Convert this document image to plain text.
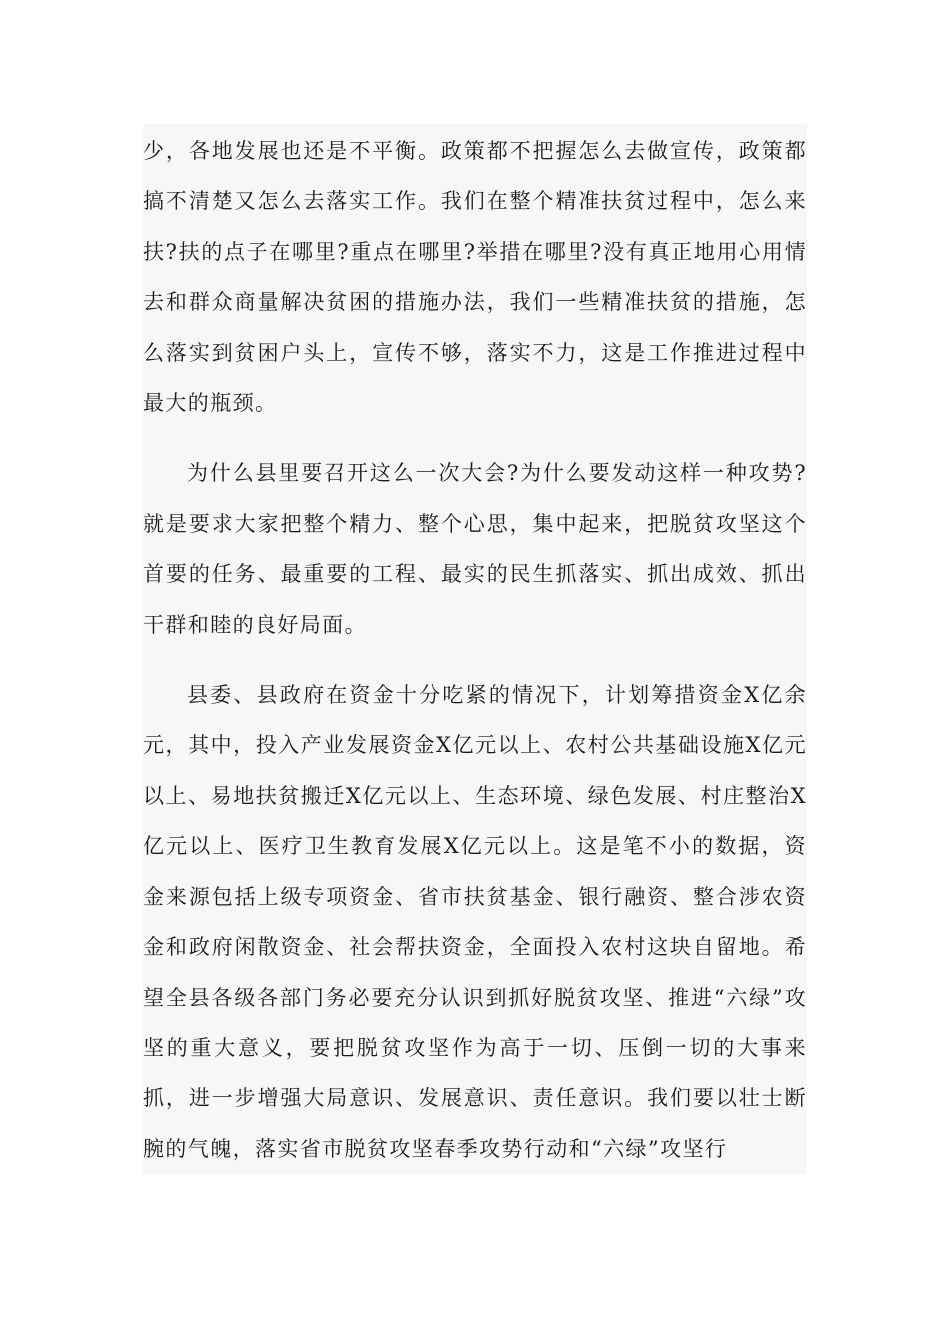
少，各地发展也还是不平衡。政策都不把握怎么去做宣传，政策都搞不清楚又怎么去落实工作。我们在整个精准扶贫过程中，怎么来扶?扶的点子在哪里?重点在哪里?举措在哪里?没有真正地用心用情去和群众商量解决贫困的措施办法，我们一些精准扶贫的措施，怎么落实到贫困户头上，宣传不够，落实不力，这是工作推进过程中最大的瓶颈。

为什么县里要召开这么一次大会?为什么要发动这样一种攻势?就是要求大家把整个精力、整个心思，集中起来，把脱贫攻坚这个首要的任务、最重要的工程、最实的民生抓落实、抓出成效、抓出干群和睦的良好局面。

县委、县政府在资金十分吃紧的情况下，计划筹措资金X亿余元，其中，投入产业发展资金X亿元以上、农村公共基础设施X亿元以上、易地扶贫搬迁X亿元以上、生态环境、绿色发展、村庄整治X亿元以上、医疗卫生教育发展X亿元以上。这是笔不小的数据，资金来源包括上级专项资金、省市扶贫基金、银行融资、整合涉农资金和政府闲散资金、社会帮扶资金，全面投入农村这块自留地。希望全县各级各部门务必要充分认识到抓好脱贫攻坚、推进“六绿”攻坚的重大意义，要把脱贫攻坚作为高于一切、压倒一切的大事来抓，进一步增强大局意识、发展意识、责任意识。我们要以壮士断腕的气魄，落实省市脱贫攻坚春季攻势行动和“六绿”攻坚行
